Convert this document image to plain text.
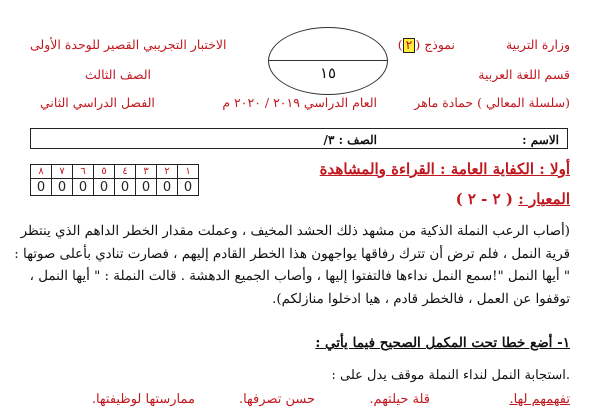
وزارة التربية
قسم اللغة العربية
(سلسلة المعالي ) حمادة ماهر
نموذج (٢)
العام الدراسي ٢٠١٩ / ٢٠٢٠ م
١٥
الاختبار التجريبي القصير للوحدة الأولى
الصف الثالث
الفصل الدراسي الثاني
الاسم :
الصف : ٣/
أولا : الكفاية العامة : القراءة والمشاهدة
المعيار : ( ٢ - ٢ )
٨	٧	٦	٥	٤	٣	٢	١
0	0	0	0	0	0	0	0

(أصاب الرعب النملة الذكية من مشهد ذلك الحشد المخيف ، وعملت مقدار الخطر الداهم الذي ينتظر

قرية النمل ، فلم ترض أن تترك رفاقها يواجهون هذا الخطر القادم إليهم ، فصارت تنادي بأعلى صوتها :

" أيها النمل "!سمع النمل نداءها فالتفتوا إليها ، وأصاب الجميع الدهشة . قالت النملة : " أيها النمل ،

توقفوا عن العمل ، فالخطر قادم ، هيا ادخلوا منازلكم).

١- أضع خطا تحت المكمل الصحيح فيما يأتي :
.استجابة النمل لنداء النملة موقف يدل على :
تفهمهم لها.
قلة حيلتهم.
حسن تصرفها.
ممارستها لوظيفتها.
